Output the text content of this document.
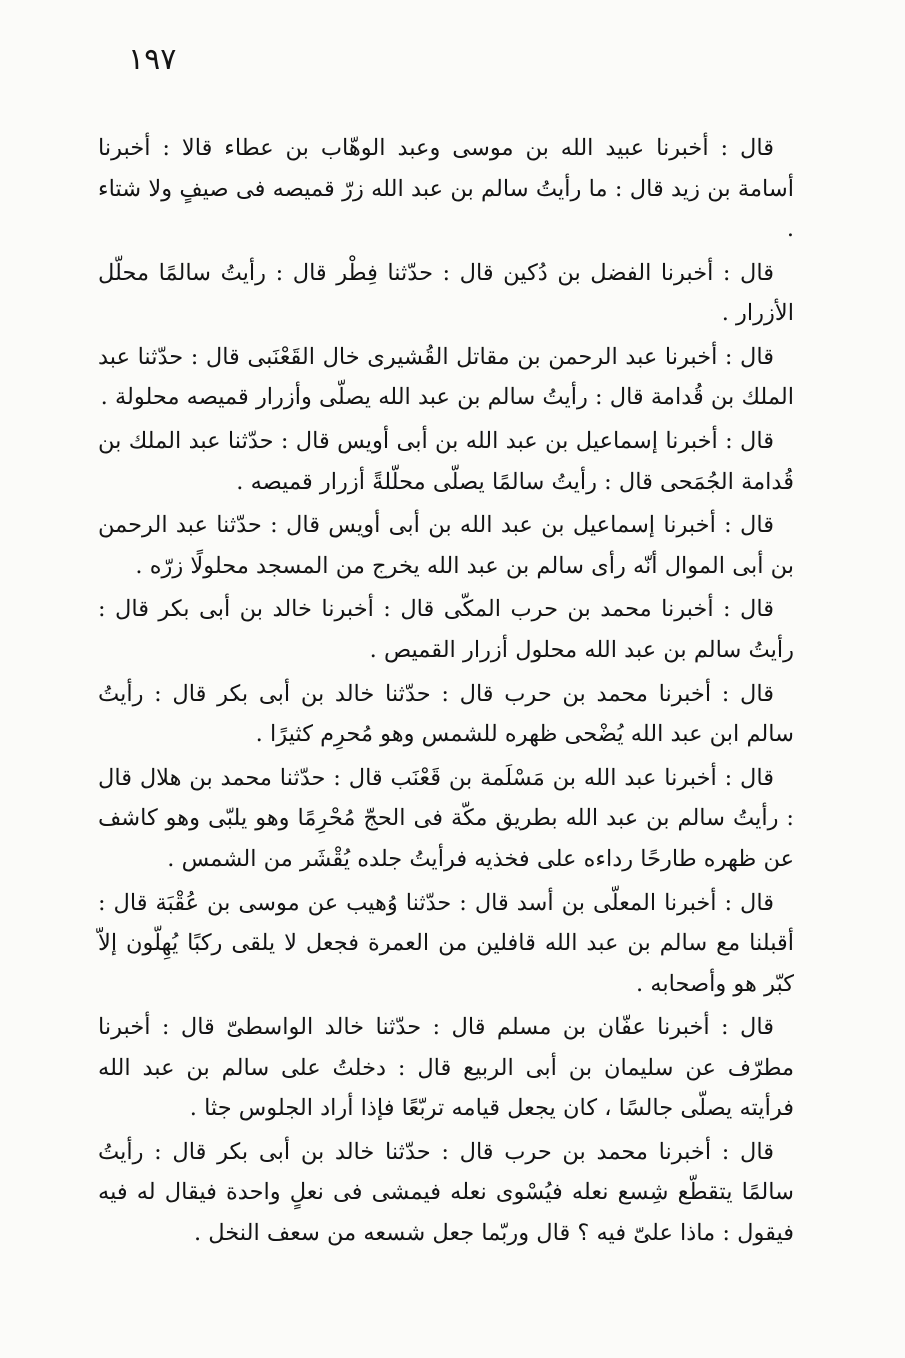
١٩٧

قال : أخبرنا عبيد الله بن موسى وعبد الوهّاب بن عطاء قالا : أخبرنا أسامة بن زيد قال : ما رأيتُ سالم بن عبد الله زرّ قميصه فى صيفٍ ولا شتاء .

قال : أخبرنا الفضل بن دُكين قال : حدّثنا فِطْر قال : رأيتُ سالمًا محلّل الأزرار .

قال : أخبرنا عبد الرحمن بن مقاتل القُشيرى خال القَعْنَبى قال : حدّثنا عبد الملك بن قُدامة قال : رأيتُ سالم بن عبد الله يصلّى وأزرار قميصه محلولة .

قال : أخبرنا إسماعيل بن عبد الله بن أبى أويس قال : حدّثنا عبد الملك بن قُدامة الجُمَحى قال : رأيتُ سالمًا يصلّى محلّلةً أزرار قميصه .

قال : أخبرنا إسماعيل بن عبد الله بن أبى أويس قال : حدّثنا عبد الرحمن بن أبى الموال أنّه رأى سالم بن عبد الله يخرج من المسجد محلولًا زرّه .

قال : أخبرنا محمد بن حرب المكّى قال : أخبرنا خالد بن أبى بكر قال : رأيتُ سالم بن عبد الله محلول أزرار القميص .

قال : أخبرنا محمد بن حرب قال : حدّثنا خالد بن أبى بكر قال : رأيتُ سالم ابن عبد الله يُضْحى ظهره للشمس وهو مُحرِم كثيرًا .

قال : أخبرنا عبد الله بن مَسْلَمة بن قَعْنَب قال : حدّثنا محمد بن هلال قال : رأيتُ سالم بن عبد الله بطريق مكّة فى الحجّ مُحْرِمًا وهو يلبّى وهو كاشف عن ظهره طارحًا رداءه على فخذيه فرأيتُ جلده يُقْشَر من الشمس .

قال : أخبرنا المعلّى بن أسد قال : حدّثنا وُهيب عن موسى بن عُقْبَة قال : أقبلنا مع سالم بن عبد الله قافلين من العمرة فجعل لا يلقى ركبًا يُهِلّون إلاّ كبّر هو وأصحابه .

قال : أخبرنا عفّان بن مسلم قال : حدّثنا خالد الواسطىّ قال : أخبرنا مطرّف عن سليمان بن أبى الربيع قال : دخلتُ على سالم بن عبد الله فرأيته يصلّى جالسًا ، كان يجعل قيامه تربّعًا فإذا أراد الجلوس جثا .

قال : أخبرنا محمد بن حرب قال : حدّثنا خالد بن أبى بكر قال : رأيتُ سالمًا يتقطّع شِسع نعله فيُسْوى نعله فيمشى فى نعلٍ واحدة فيقال له فيه فيقول : ماذا علىّ فيه ؟ قال وربّما جعل شسعه من سعف النخل .
